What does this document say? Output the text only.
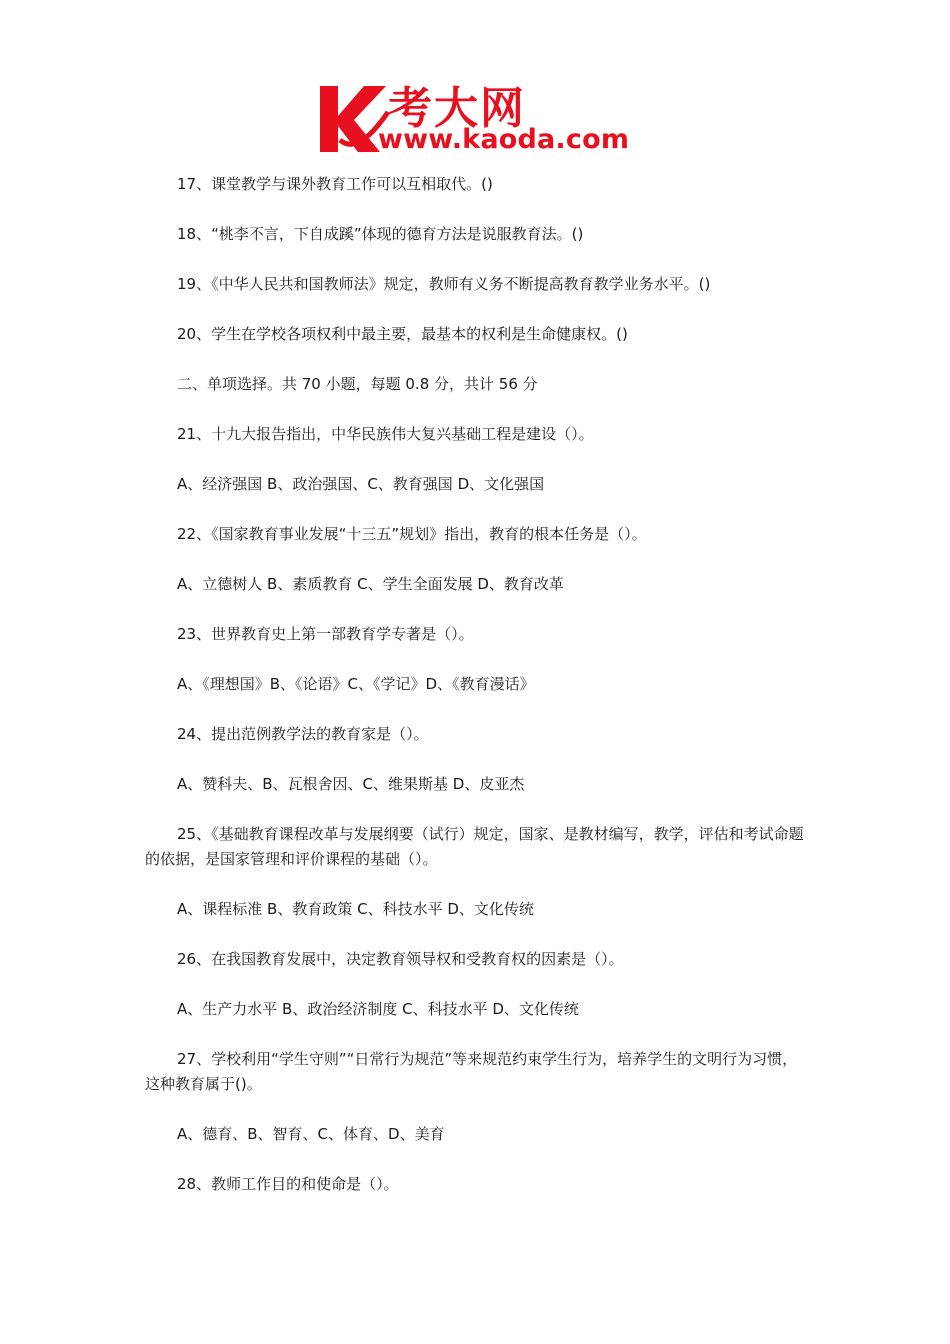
考大网
www.kaoda.com

17、课堂教学与课外教育工作可以互相取代。()

18、“桃李不言，下自成蹊”体现的德育方法是说服教育法。()

19、《中华人民共和国教师法》规定，教师有义务不断提高教育教学业务水平。()

20、学生在学校各项权利中最主要，最基本的权利是生命健康权。()

二、单项选择。共 70 小题，每题 0.8 分，共计 56 分

21、十九大报告指出，中华民族伟大复兴基础工程是建设（）。

A、经济强国 B、政治强国、C、教育强国 D、文化强国

22、《国家教育事业发展“十三五”规划》指出，教育的根本任务是（）。

A、立德树人 B、素质教育 C、学生全面发展 D、教育改革

23、世界教育史上第一部教育学专著是（）。

A、《理想国》B、《论语》C、《学记》D、《教育漫话》

24、提出范例教学法的教育家是（）。

A、赞科夫、B、瓦根舍因、C、维果斯基 D、皮亚杰

25、《基础教育课程改革与发展纲要（试行）规定，国家、是教材编写，教学，评估和考试命题的依据，是国家管理和评价课程的基础（）。

A、课程标准 B、教育政策 C、科技水平 D、文化传统

26、在我国教育发展中，决定教育领导权和受教育权的因素是（）。

A、生产力水平 B、政治经济制度 C、科技水平 D、文化传统

27、学校利用“学生守则”“日常行为规范”等来规范约束学生行为，培养学生的文明行为习惯，这种教育属于()。

A、德育、B、智育、C、体育、D、美育

28、教师工作目的和使命是（）。
